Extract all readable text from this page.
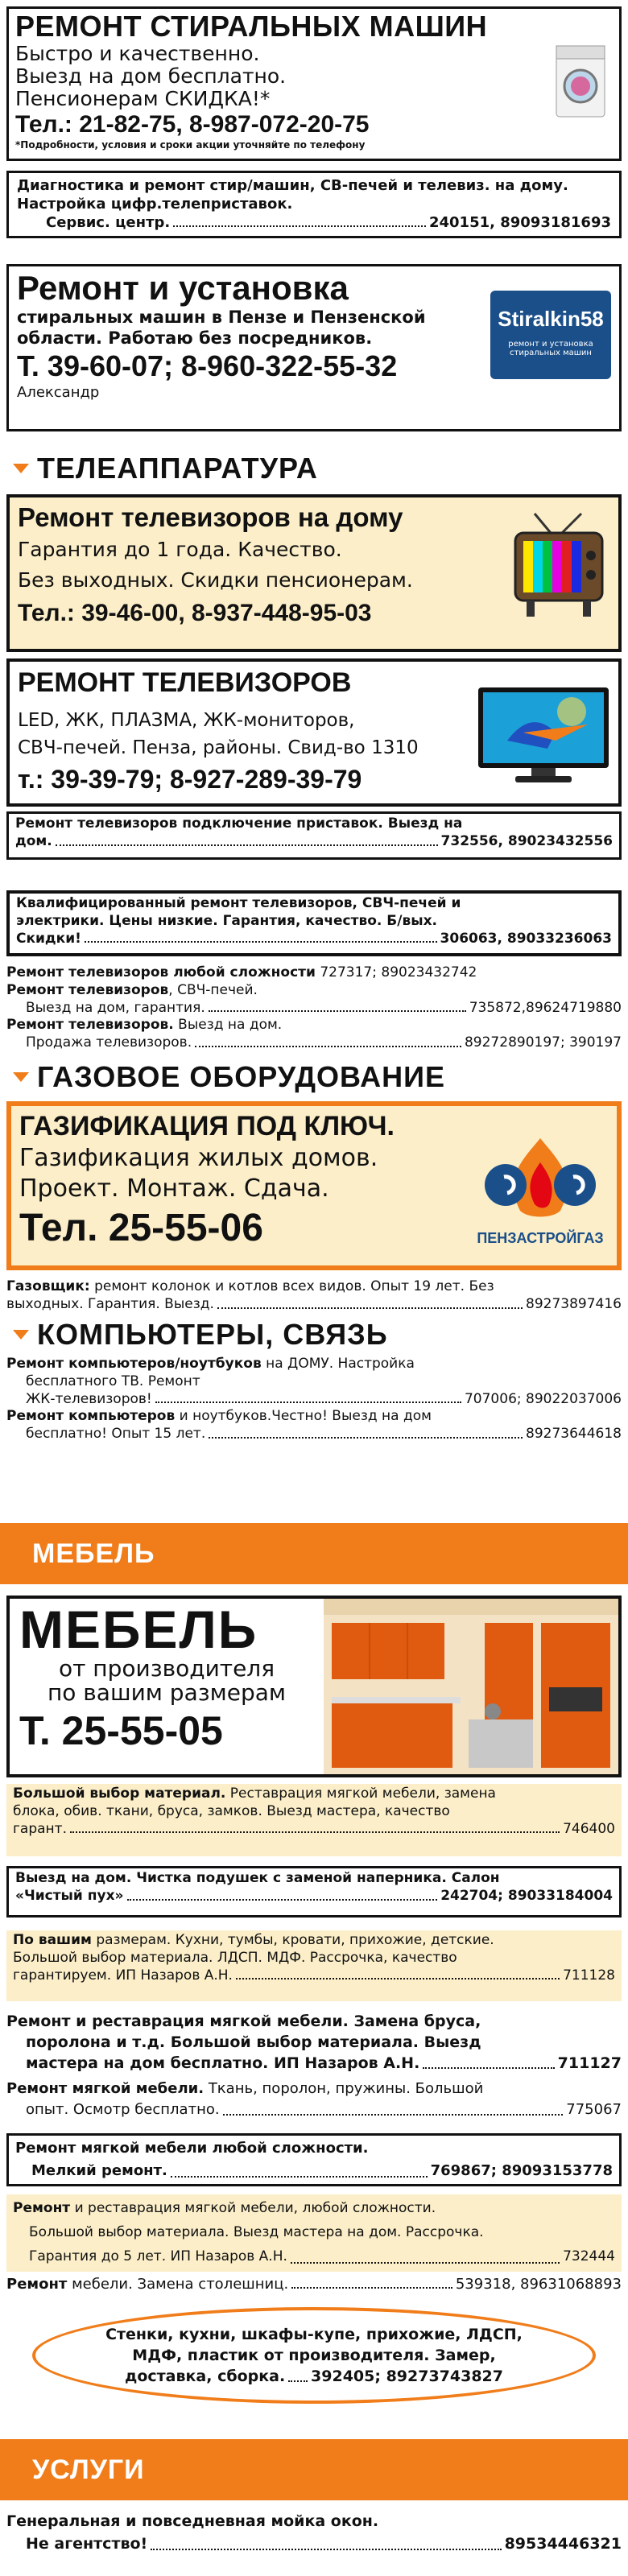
РЕМОНТ СТИРАЛЬНЫХ МАШИН
Быстро и качественно.
Выезд на дом бесплатно.
Пенсионерам СКИДКА!*
Тел.: 21-82-75, 8-987-072-20-75
*Подробности, условия и сроки акции уточняйте по телефону
Диагностика и ремонт стир/машин, СВ-печей и телевиз. на дому. Настройка цифр.телеприставок.
Сервис. центр.	240151, 89093181693
Ремонт и установка
стиральных машин в Пензе и Пензенской области. Работаю без посредников.
Т. 39-60-07; 8-960-322-55-32
Александр
Stiralkin58
ремонт и установка стиральных машин
ТЕЛЕАППАРАТУРА
Ремонт телевизоров на дому
Гарантия до 1 года. Качество.
Без выходных. Скидки пенсионерам.
Тел.: 39-46-00, 8-937-448-95-03
РЕМОНТ ТЕЛЕВИЗОРОВ
LED, ЖК, ПЛАЗМА, ЖК-мониторов,
СВЧ-печей. Пенза, районы. Свид-во 1310
т.: 39-39-79; 8-927-289-39-79
Ремонт телевизоров подключение приставок. Выезд на
дом.	732556, 89023432556
Квалифицированный ремонт телевизоров, СВЧ-печей и
электрики. Цены низкие. Гарантия, качество. Б/вых.
Скидки!	306063, 89033236063
Ремонт телевизоров любой сложности 727317; 89023432742
Ремонт телевизоров, СВЧ-печей.
Выезд на дом, гарантия.	735872,89624719880
Ремонт телевизоров. Выезд на дом.
Продажа телевизоров.	89272890197; 390197
ГАЗОВОЕ ОБОРУДОВАНИЕ
ГАЗИФИКАЦИЯ ПОД КЛЮЧ.
Газификация жилых домов.
Проект. Монтаж. Сдача.
Тел. 25-55-06	ПЕНЗАСТРОЙГАЗ
Газовщик: ремонт колонок и котлов всех видов. Опыт 19 лет. Без
выходных. Гарантия. Выезд.	89273897416
КОМПЬЮТЕРЫ, СВЯЗЬ
Ремонт компьютеров/ноутбуков на ДОМУ. Настройка
бесплатного ТВ. Ремонт
ЖК-телевизоров!	707006; 89022037006
Ремонт компьютеров и ноутбуков.Честно! Выезд на дом
бесплатно! Опыт 15 лет.	89273644618
МЕБЕЛЬ
МЕБЕЛЬ
от производителя
по вашим размерам
Т. 25-55-05
Большой выбор материал. Реставрация мягкой мебели, замена
блока, обив. ткани, бруса, замков. Выезд мастера, качество
гарант.	746400
Выезд на дом. Чистка подушек с заменой наперника. Салон
«Чистый пух»	242704; 89033184004
По вашим размерам. Кухни, тумбы, кровати, прихожие, детские.
Большой выбор материала. ЛДСП. МДФ. Рассрочка, качество
гарантируем. ИП Назаров А.Н.	711128
Ремонт и реставрация мягкой мебели. Замена бруса,
поролона и т.д. Большой выбор материала. Выезд
мастера на дом бесплатно. ИП Назаров А.Н.	711127
Ремонт мягкой мебели. Ткань, поролон, пружины. Большой
опыт. Осмотр бесплатно.	775067
Ремонт мягкой мебели любой сложности.
Мелкий ремонт.	769867; 89093153778
Ремонт и реставрация мягкой мебели, любой сложности.
Большой выбор материала. Выезд мастера на дом. Рассрочка.
Гарантия до 5 лет. ИП Назаров А.Н.	732444
Ремонт мебели. Замена столешниц.	539318, 89631068893
Стенки, кухни, шкафы-купе, прихожие, ЛДСП,
МДФ, пластик от производителя. Замер,
доставка, сборка. 392405; 89273743827
УСЛУГИ
Генеральная и повседневная мойка окон.
Не агентство!	89534446321
